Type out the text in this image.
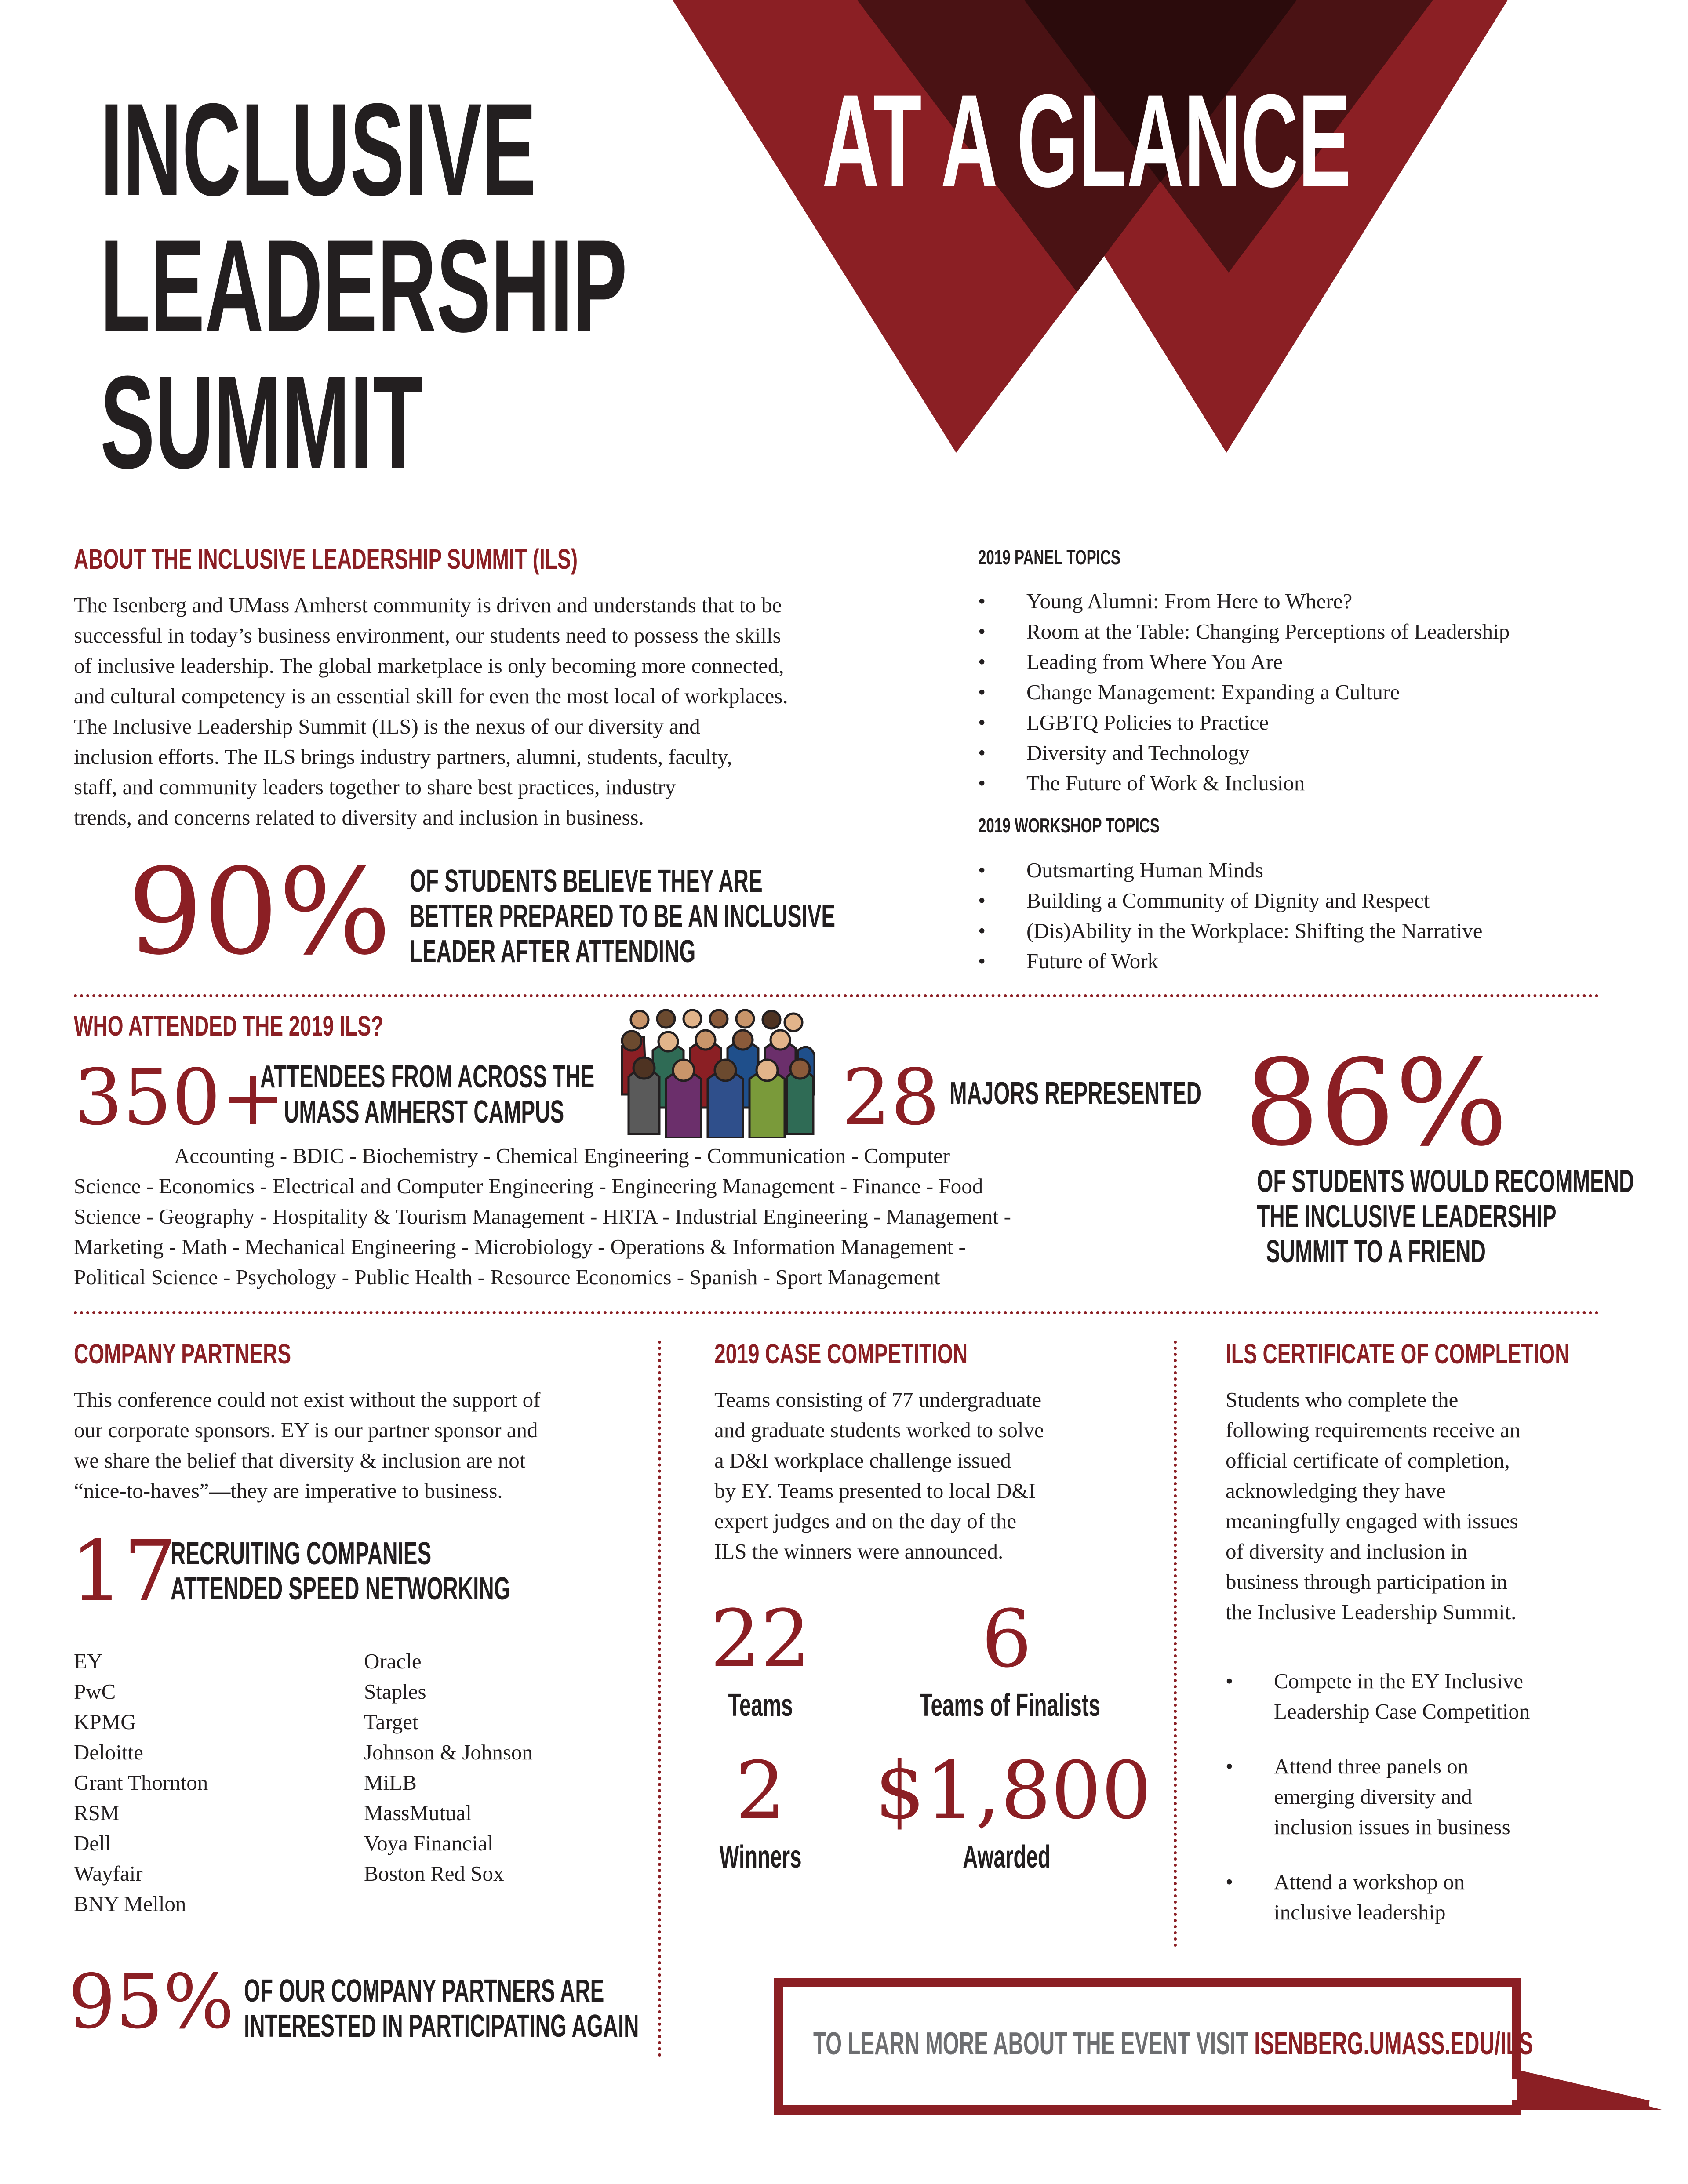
INCLUSIVE
LEADERSHIP
SUMMIT
AT A GLANCE
ABOUT THE INCLUSIVE LEADERSHIP SUMMIT (ILS)
The Isenberg and UMass Amherst community is driven and understands that to be
successful in today’s business environment, our students need to possess the skills
of inclusive leadership. The global marketplace is only becoming more connected,
and cultural competency is an essential skill for even the most local of workplaces.
The Inclusive Leadership Summit (ILS) is the nexus of our diversity and
inclusion efforts. The ILS brings industry partners, alumni, students, faculty,
staff, and community leaders together to share best practices, industry
trends, and concerns related to diversity and inclusion in business.
90% OF STUDENTS BELIEVE THEY ARE
BETTER PREPARED TO BE AN INCLUSIVE
LEADER AFTER ATTENDING
2019 PANEL TOPICS
• Young Alumni: From Here to Where?
• Room at the Table: Changing Perceptions of Leadership
• Leading from Where You Are
• Change Management: Expanding a Culture
• LGBTQ Policies to Practice
• Diversity and Technology
• The Future of Work & Inclusion
2019 WORKSHOP TOPICS
• Outsmarting Human Minds
• Building a Community of Dignity and Respect
• (Dis)Ability in the Workplace: Shifting the Narrative
• Future of Work
WHO ATTENDED THE 2019 ILS?
350+
ATTENDEES FROM ACROSS THE
UMASS AMHERST CAMPUS	28 MAJORS REPRESENTED
Accounting - BDIC - Biochemistry - Chemical Engineering - Communication - Computer
Science - Economics - Electrical and Computer Engineering - Engineering Management - Finance - Food
Science - Geography - Hospitality & Tourism Management - HRTA - Industrial Engineering - Management -
Marketing - Math - Mechanical Engineering - Microbiology - Operations & Information Management -
Political Science - Psychology - Public Health - Resource Economics - Spanish - Sport Management
86%
OF STUDENTS WOULD RECOMMEND
THE INCLUSIVE LEADERSHIP
SUMMIT TO A FRIEND
COMPANY PARTNERS
This conference could not exist without the support of
our corporate sponsors. EY is our partner sponsor and
we share the belief that diversity & inclusion are not
“nice-to-haves”—they are imperative to business.
17
RECRUITING COMPANIES
ATTENDED SPEED NETWORKING
EY
PwC
KPMG
Deloitte
Grant Thornton
RSM
Dell
Wayfair
BNY Mellon
Oracle
Staples
Target
Johnson & Johnson
MiLB
MassMutual
Voya Financial
Boston Red Sox
95% OF OUR COMPANY PARTNERS ARE
INTERESTED IN PARTICIPATING AGAIN
2019 CASE COMPETITION
Teams consisting of 77 undergraduate
and graduate students worked to solve
a D&I workplace challenge issued
by EY. Teams presented to local D&I
expert judges and on the day of the
ILS the winners were announced.
22
Teams
6
Teams of Finalists
2
Winners
$1,800
Awarded
ILS CERTIFICATE OF COMPLETION
Students who complete the
following requirements receive an
official certificate of completion,
acknowledging they have
meaningfully engaged with issues
of diversity and inclusion in
business through participation in
the Inclusive Leadership Summit.
• Compete in the EY Inclusive
Leadership Case Competition
• Attend three panels on
emerging diversity and
inclusion issues in business
• Attend a workshop on
inclusive leadership
TO LEARN MORE ABOUT THE EVENT VISIT ISENBERG.UMASS.EDU/ILS
